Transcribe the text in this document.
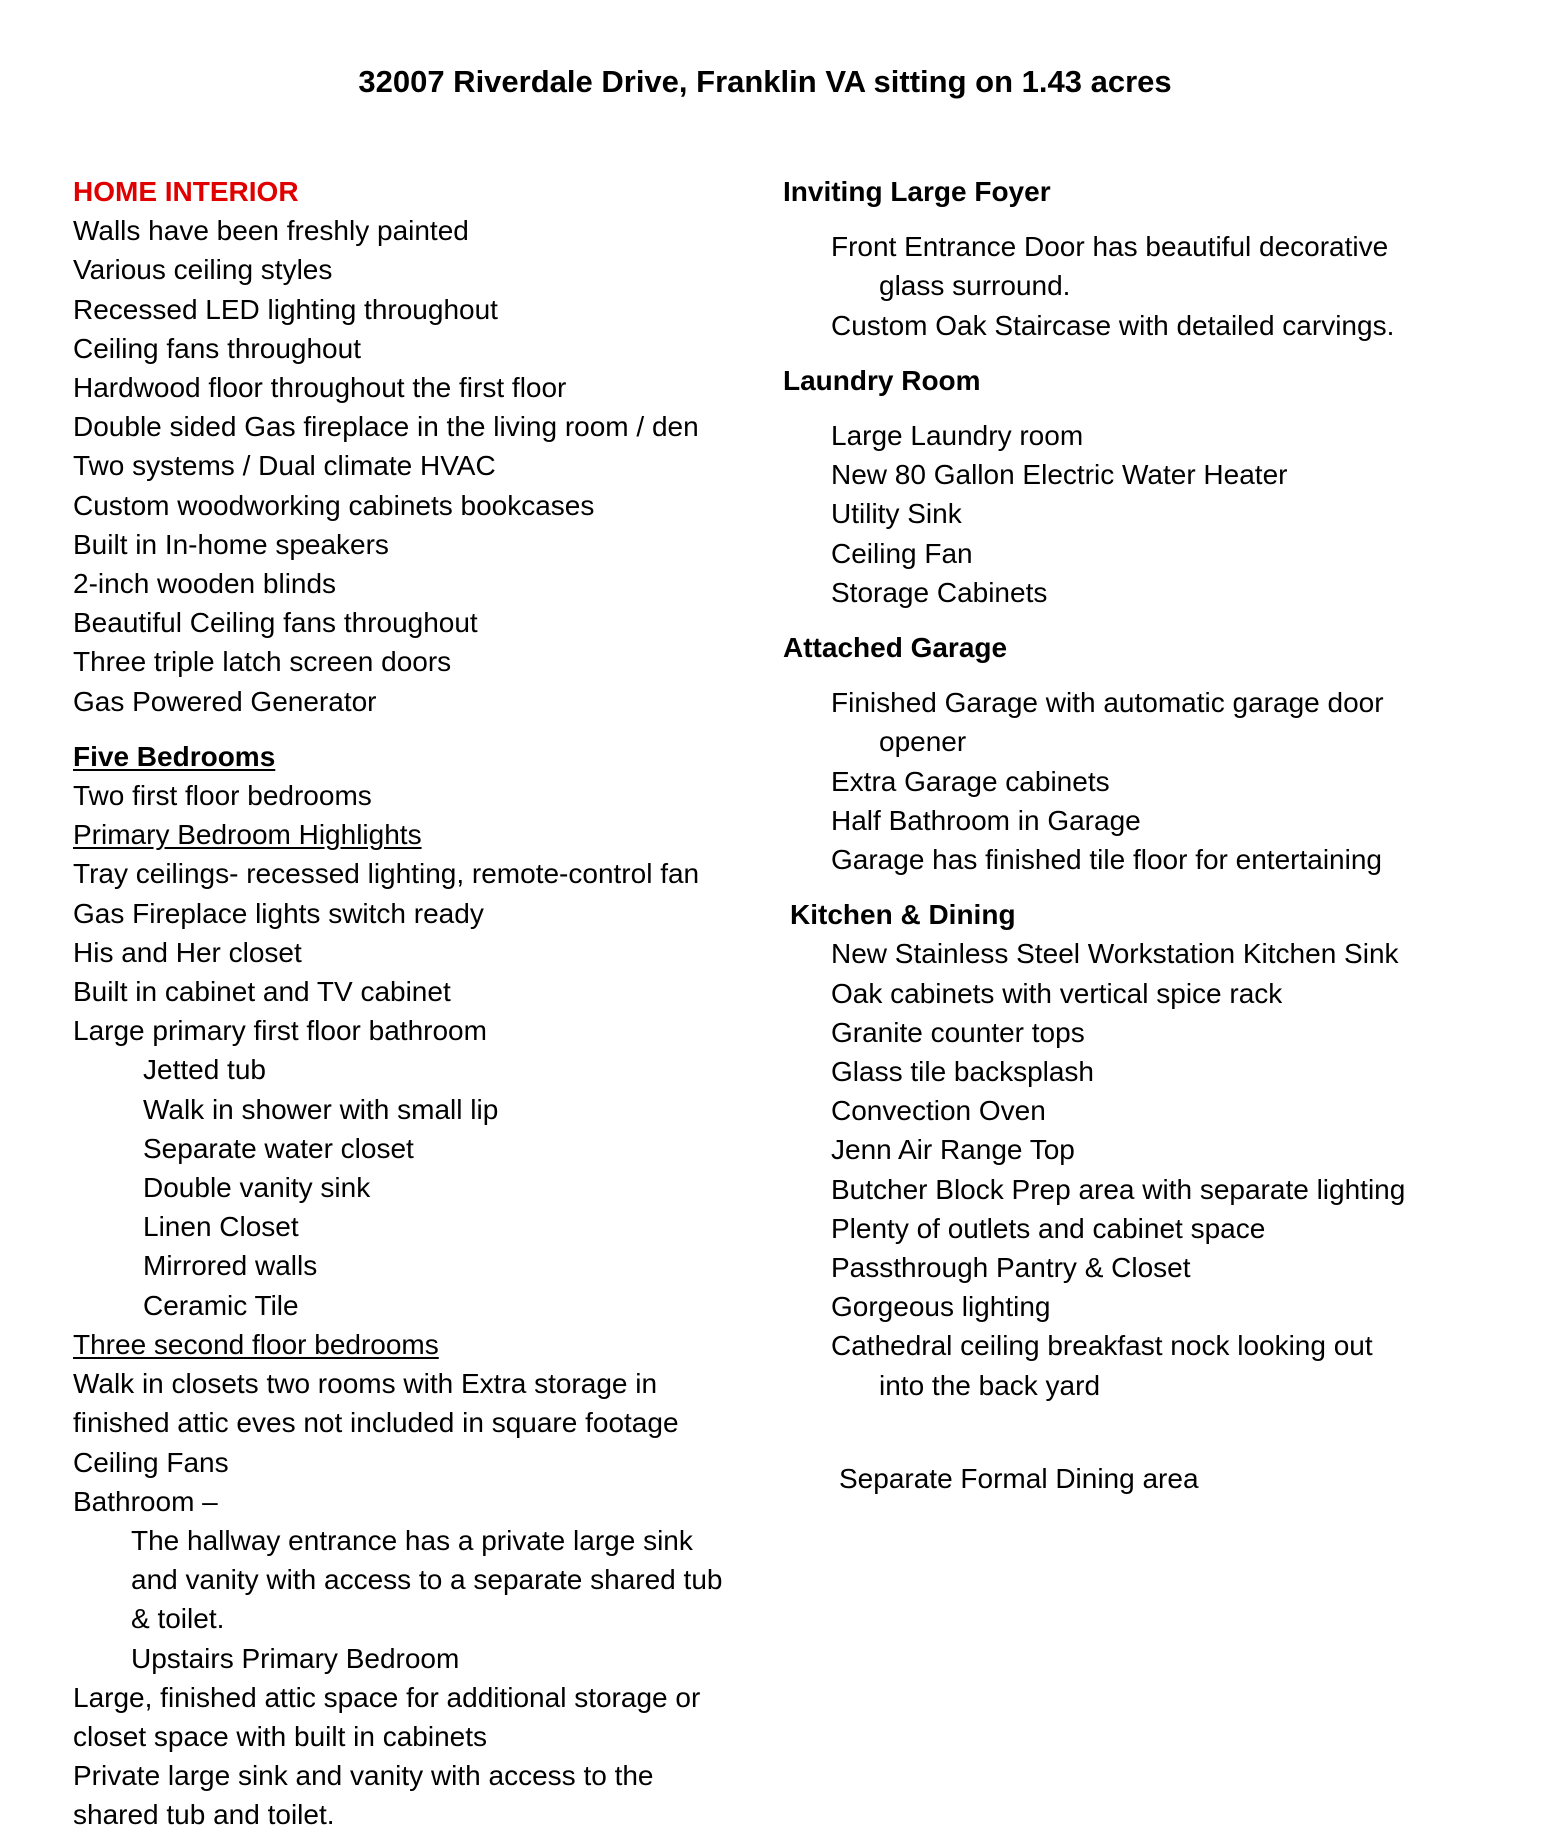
32007 Riverdale Drive, Franklin VA sitting on 1.43 acres
HOME INTERIOR
Walls have been freshly painted
Various ceiling styles
Recessed LED lighting throughout
Ceiling fans throughout
Hardwood floor throughout the first floor
Double sided Gas fireplace in the living room / den
Two systems / Dual climate HVAC
Custom woodworking cabinets bookcases
Built in In-home speakers
2-inch wooden blinds
Beautiful Ceiling fans throughout
Three triple latch screen doors
Gas Powered Generator
Five Bedrooms
Two first floor bedrooms
Primary Bedroom Highlights
Tray ceilings- recessed lighting, remote-control fan
Gas Fireplace lights switch ready
His and Her closet
Built in cabinet and TV cabinet
Large primary first floor bathroom
Jetted tub
Walk in shower with small lip
Separate water closet
Double vanity sink
Linen Closet
Mirrored walls
Ceramic Tile
Three second floor bedrooms
Walk in closets two rooms with Extra storage in
finished attic eves not included in square footage
Ceiling Fans
Bathroom –
The hallway entrance has a private large sink
and vanity with access to a separate shared tub
& toilet.
Upstairs Primary Bedroom
Large, finished attic space for additional storage or
closet space with built in cabinets
Private large sink and vanity with access to the
shared tub and toilet.
Inviting Large Foyer
Front Entrance Door has beautiful decorative
glass surround.
Custom Oak Staircase with detailed carvings.
Laundry Room
Large Laundry room
New 80 Gallon Electric Water Heater
Utility Sink
Ceiling Fan
Storage Cabinets
Attached Garage
Finished Garage with automatic garage door
opener
Extra Garage cabinets
Half Bathroom in Garage
Garage has finished tile floor for entertaining
Kitchen & Dining
New Stainless Steel Workstation Kitchen Sink
Oak cabinets with vertical spice rack
Granite counter tops
Glass tile backsplash
Convection Oven
Jenn Air Range Top
Butcher Block Prep area with separate lighting
Plenty of outlets and cabinet space
Passthrough Pantry & Closet
Gorgeous lighting
Cathedral ceiling breakfast nock looking out
into the back yard
Separate Formal Dining area
